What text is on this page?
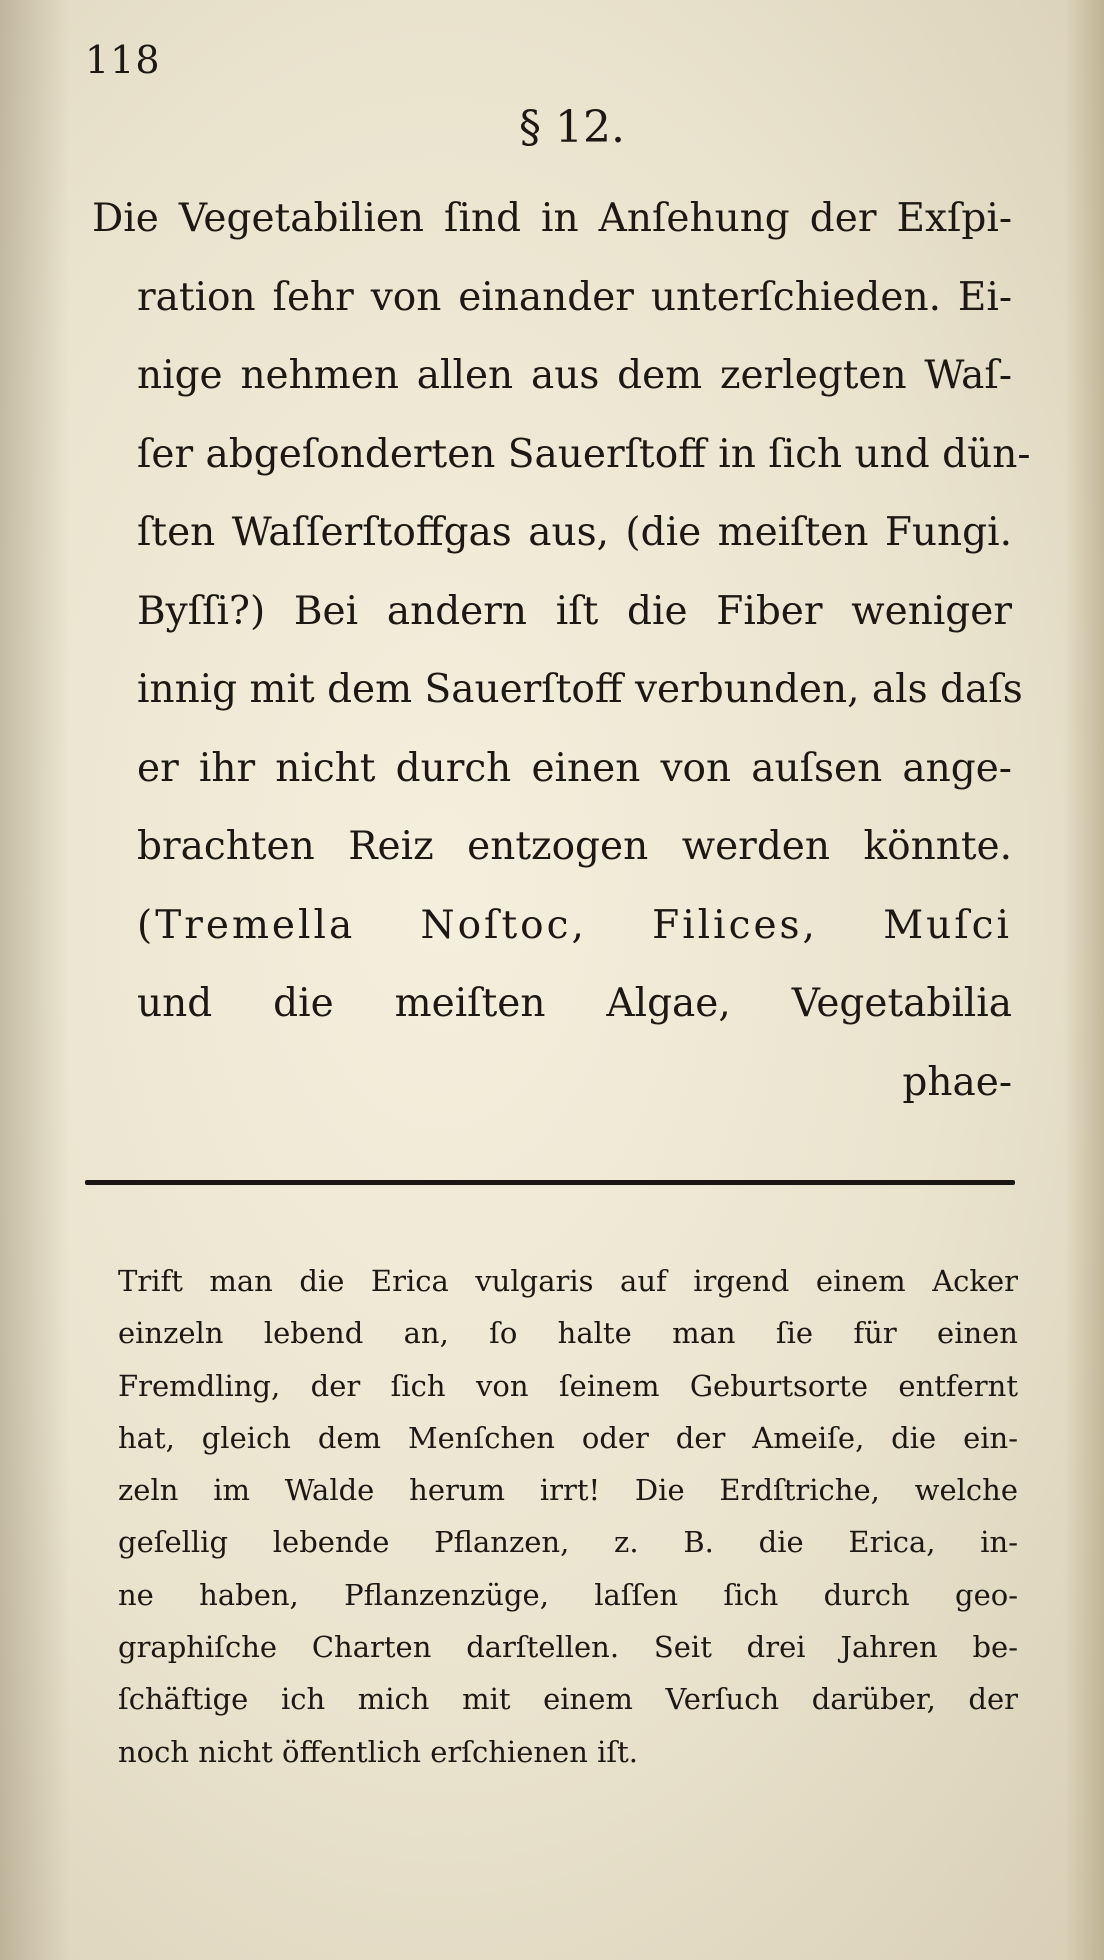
118
§ 12.
Die Vegetabilien ſind in Anſehung der Exſpi-
ration ſehr von einander unterſchieden. Ei-
nige nehmen allen aus dem zerlegten Waſ-
ſer abgeſonderten Sauerſtoff in ſich und dün-
ſten Waſſerſtoffgas aus, (die meiſten Fungi.
Byſſi?) Bei andern iſt die Fiber weniger
innig mit dem Sauerſtoff verbunden, als daſs
er ihr nicht durch einen von auſsen ange-
brachten Reiz entzogen werden könnte.
(Tremella Noſtoc, Filices, Muſci
und die meiſten Algae, Vegetabilia
phae-
Trift man die Erica vulgaris auf irgend einem Acker
einzeln lebend an, ſo halte man ſie für einen
Fremdling, der ſich von ſeinem Geburtsorte entfernt
hat, gleich dem Menſchen oder der Ameiſe, die ein-
zeln im Walde herum irrt! Die Erdſtriche, welche
geſellig lebende Pflanzen, z. B. die Erica, in-
ne haben, Pflanzenzüge, laſſen ſich durch geo-
graphiſche Charten darſtellen. Seit drei Jahren be-
ſchäftige ich mich mit einem Verſuch darüber, der
noch nicht öffentlich erſchienen iſt.
